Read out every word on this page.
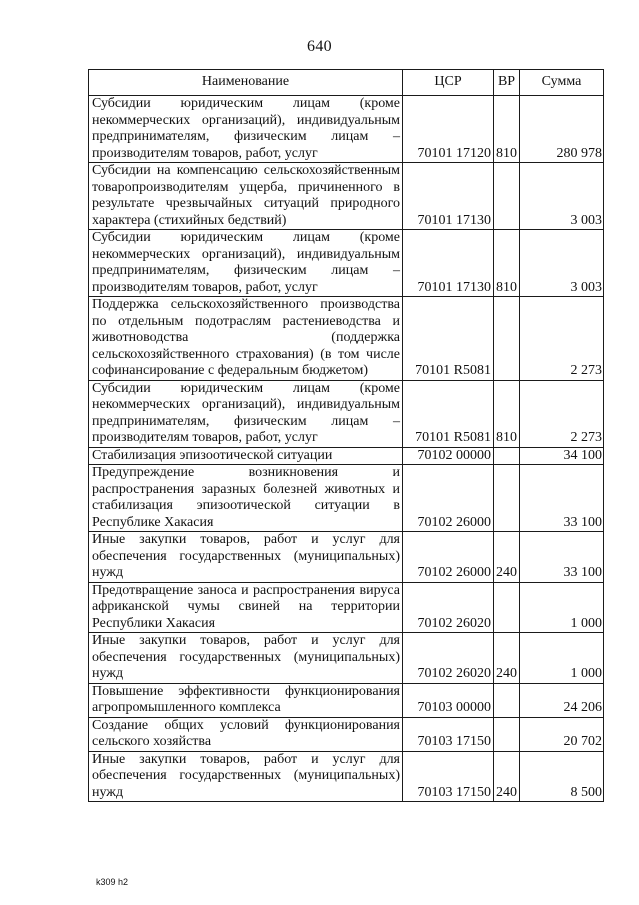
640
Наименование	ЦСР	ВР	Сумма
Субсидии юридическим лицам (кроме некоммерческих организаций), индивидуальным предпринимателям, физическим лицам – производителям товаров, работ, услуг	70101 17120	810	280 978
Субсидии на компенсацию сельскохозяйственным товаропроизводителям ущерба, причиненного в результате чрезвычайных ситуаций природного характера (стихийных бедствий)	70101 17130		3 003
Субсидии юридическим лицам (кроме некоммерческих организаций), индивидуальным предпринимателям, физическим лицам – производителям товаров, работ, услуг	70101 17130	810	3 003
Поддержка сельскохозяйственного производства по отдельным подотраслям растениеводства и животноводства (поддержка сельскохозяйственного страхования) (в том числе софинансирование с федеральным бюджетом)	70101 R5081		2 273
Субсидии юридическим лицам (кроме некоммерческих организаций), индивидуальным предпринимателям, физическим лицам – производителям товаров, работ, услуг	70101 R5081	810	2 273
Стабилизация эпизоотической ситуации	70102 00000		34 100
Предупреждение возникновения и распространения заразных болезней животных и стабилизация эпизоотической ситуации в Республике Хакасия	70102 26000		33 100
Иные закупки товаров, работ и услуг для обеспечения государственных (муниципальных) нужд	70102 26000	240	33 100
Предотвращение заноса и распространения вируса африканской чумы свиней на территории Республики Хакасия	70102 26020		1 000
Иные закупки товаров, работ и услуг для обеспечения государственных (муниципальных) нужд	70102 26020	240	1 000
Повышение эффективности функционирования агропромышленного комплекса	70103 00000		24 206
Создание общих условий функционирования сельского хозяйства	70103 17150		20 702
Иные закупки товаров, работ и услуг для обеспечения государственных (муниципальных) нужд	70103 17150	240	8 500
k309 h2
